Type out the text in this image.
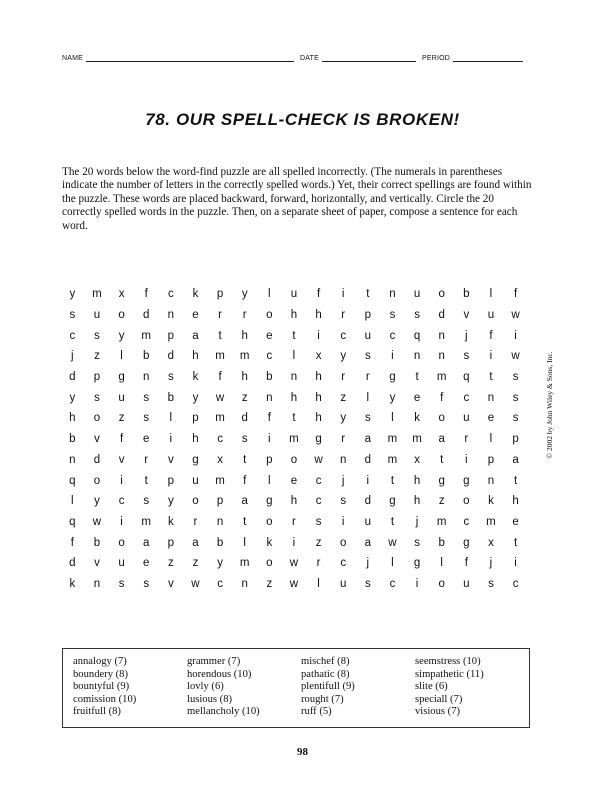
NAME	DATE	PERIOD
78. OUR SPELL-CHECK IS BROKEN!

The 20 words below the word-find puzzle are all spelled incorrectly. (The numerals in parentheses indicate the number of letters in the correctly spelled words.) Yet, their correct spellings are found within the puzzle. These words are placed backward, forward, horizontally, and vertically. Circle the 20 correctly spelled words in the puzzle. Then, on a separate sheet of paper, compose a sentence for each word.

y	m	x	f	c	k	p	y	l	u	f	i	t	n	u	o	b	l	f
s	u	o	d	n	e	r	r	o	h	h	r	p	s	s	d	v	u	w
c	s	y	m	p	a	t	h	e	t	i	c	u	c	q	n	j	f	i
j	z	l	b	d	h	m	m	c	l	x	y	s	i	n	n	s	i	w
d	p	g	n	s	k	f	h	b	n	h	r	r	g	t	m	q	t	s
y	s	u	s	b	y	w	z	n	h	h	z	l	y	e	f	c	n	s
h	o	z	s	l	p	m	d	f	t	h	y	s	l	k	o	u	e	s
b	v	f	e	i	h	c	s	i	m	g	r	a	m	m	a	r	l	p
n	d	v	r	v	g	x	t	p	o	w	n	d	m	x	t	i	p	a
q	o	i	t	p	u	m	f	l	e	c	j	i	t	h	g	g	n	t
l	y	c	s	y	o	p	a	g	h	c	s	d	g	h	z	o	k	h
q	w	i	m	k	r	n	t	o	r	s	i	u	t	j	m	c	m	e
f	b	o	a	p	a	b	l	k	i	z	o	a	w	s	b	g	x	t
d	v	u	e	z	z	y	m	o	w	r	c	j	l	g	l	f	j	i
k	n	s	s	v	w	c	n	z	w	l	u	s	c	i	o	u	s	c
© 2002 by John Wiley & Sons, Inc.
annalogy (7)
boundery (8)
bountyful (9)
comission (10)
fruitfull (8)
grammer (7)
horendous (10)
lovly (6)
lusious (8)
mellancholy (10)
mischef (8)
pathatic (8)
plentifull (9)
rought (7)
ruff (5)
seemstress (10)
simpathetic (11)
slite (6)
speciall (7)
visious (7)
98
